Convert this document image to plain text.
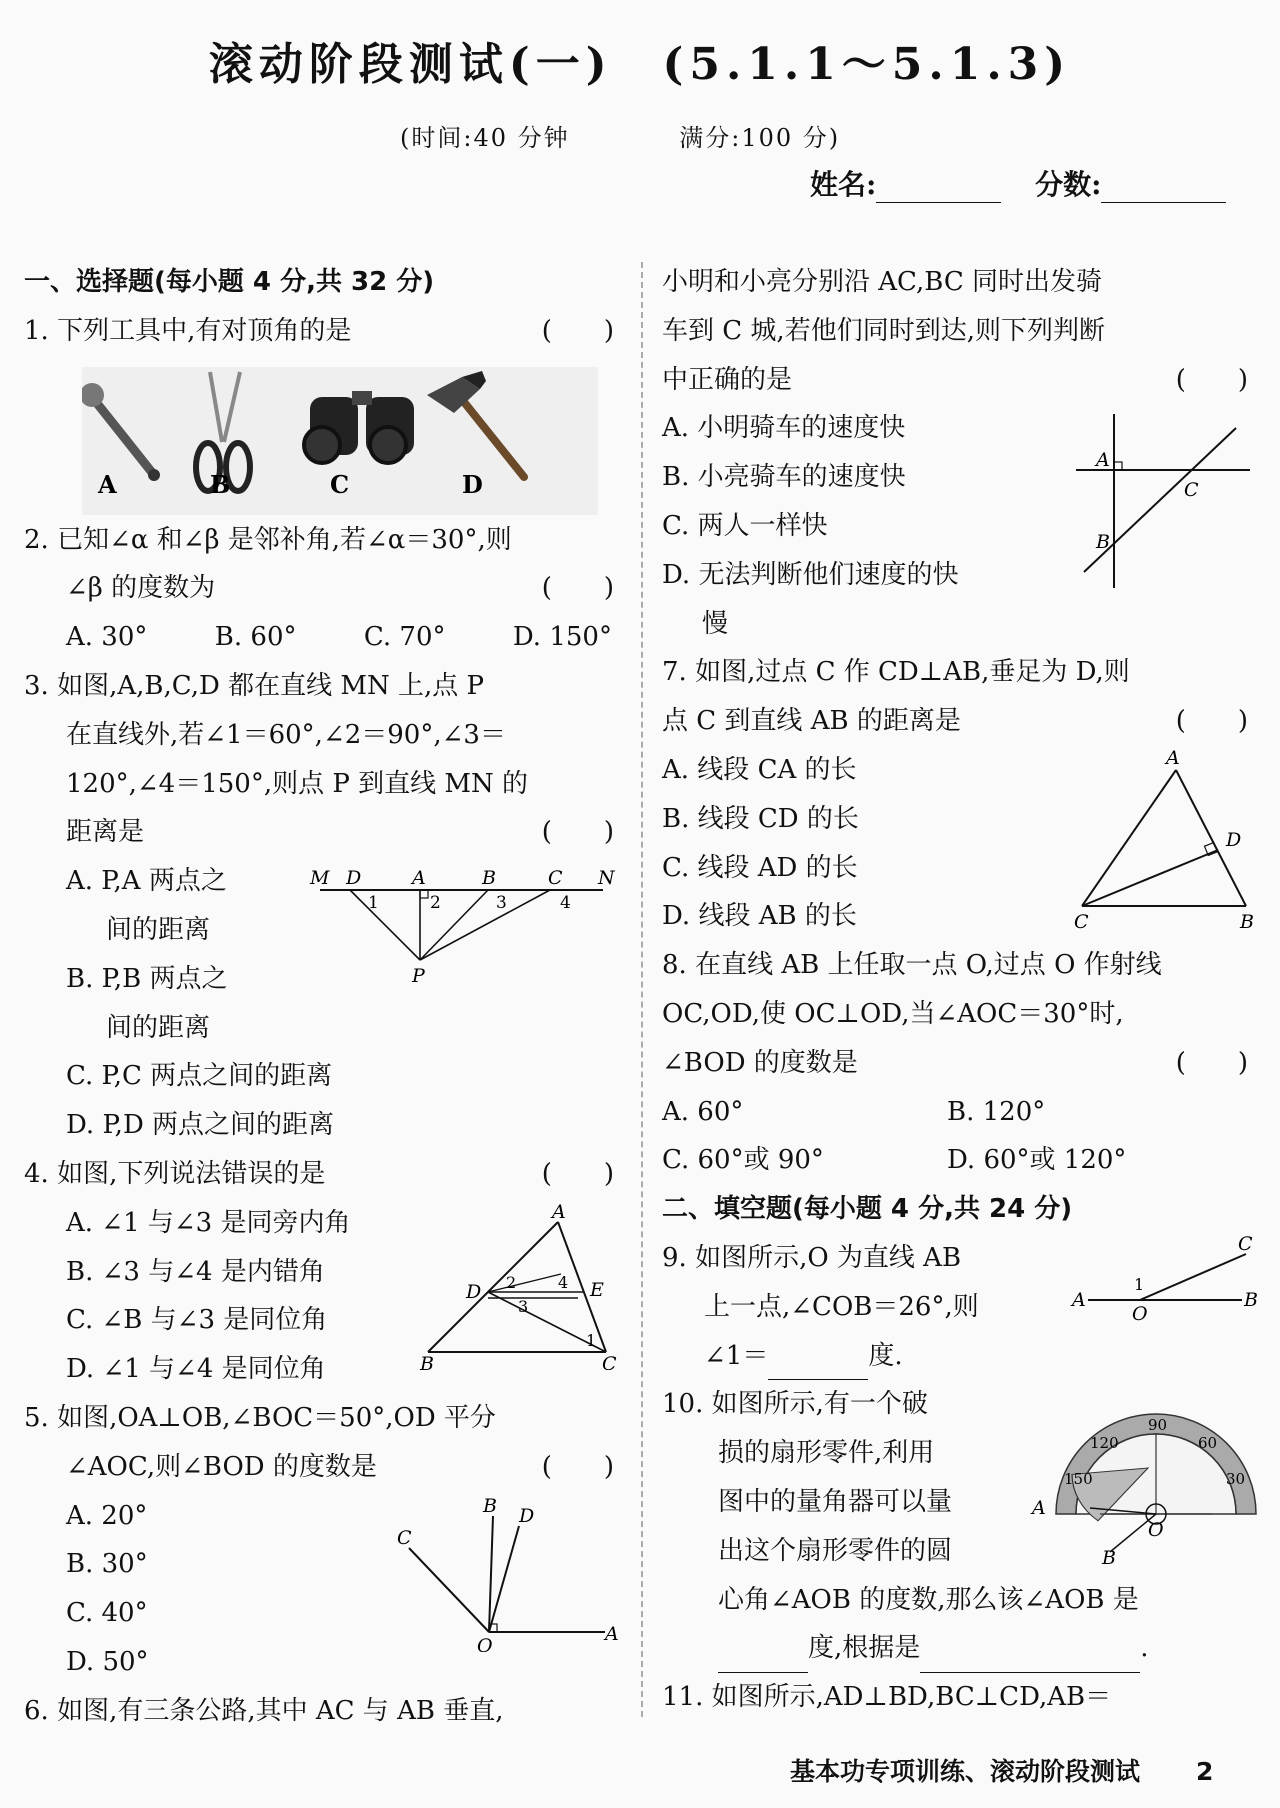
滚动阶段测试(一)　(5.1.1～5.1.3)
(时间:40 分钟	满分:100 分)
姓名:	分数:
一、选择题(每小题 4 分,共 32 分)
1. 下列工具中,有对顶角的是	(　　)
2. 已知∠α 和∠β 是邻补角,若∠α＝30°,则
∠β 的度数为	(　　)
A. 30°	B. 60°	C. 70°	D. 150°
3. 如图,A,B,C,D 都在直线 MN 上,点 P
在直线外,若∠1＝60°,∠2＝90°,∠3＝
120°,∠4＝150°,则点 P 到直线 MN 的
距离是	(　　)
A. P,A 两点之
间的距离
B. P,B 两点之
间的距离
C. P,C 两点之间的距离
D. P,D 两点之间的距离
4. 如图,下列说法错误的是	(　　)
A. ∠1 与∠3 是同旁内角
B. ∠3 与∠4 是内错角
C. ∠B 与∠3 是同位角
D. ∠1 与∠4 是同位角
5. 如图,OA⊥OB,∠BOC＝50°,OD 平分
∠AOC,则∠BOD 的度数是	(　　)
A. 20°
B. 30°
C. 40°
D. 50°
6. 如图,有三条公路,其中 AC 与 AB 垂直,
小明和小亮分别沿 AC,BC 同时出发骑
车到 C 城,若他们同时到达,则下列判断
中正确的是	(　　)
A. 小明骑车的速度快
B. 小亮骑车的速度快
C. 两人一样快
D. 无法判断他们速度的快
慢
7. 如图,过点 C 作 CD⊥AB,垂足为 D,则
点 C 到直线 AB 的距离是	(　　)
A. 线段 CA 的长
B. 线段 CD 的长
C. 线段 AD 的长
D. 线段 AB 的长
8. 在直线 AB 上任取一点 O,过点 O 作射线
OC,OD,使 OC⊥OD,当∠AOC＝30°时,
∠BOD 的度数是	(　　)
A. 60°	B. 120°
C. 60°或 90°	D. 60°或 120°
二、填空题(每小题 4 分,共 24 分)
9. 如图所示,O 为直线 AB
上一点,∠COB＝26°,则
∠1＝	度.
10. 如图所示,有一个破
损的扇形零件,利用
图中的量角器可以量
出这个扇形零件的圆
心角∠AOB 的度数,那么该∠AOB 是
度,根据是	.
11. 如图所示,AD⊥BD,BC⊥CD,AB＝
A	B	C	D
M D	A	B	C N
1	2	3	4
P
A
D	E
B	C
1
2
3
4
B D
C
O
A
A
C
B
A
D
C	B
C
1
A
O
B
90
120
150
60
30
A
O
B
基本功专项训练、滚动阶段测试 2
